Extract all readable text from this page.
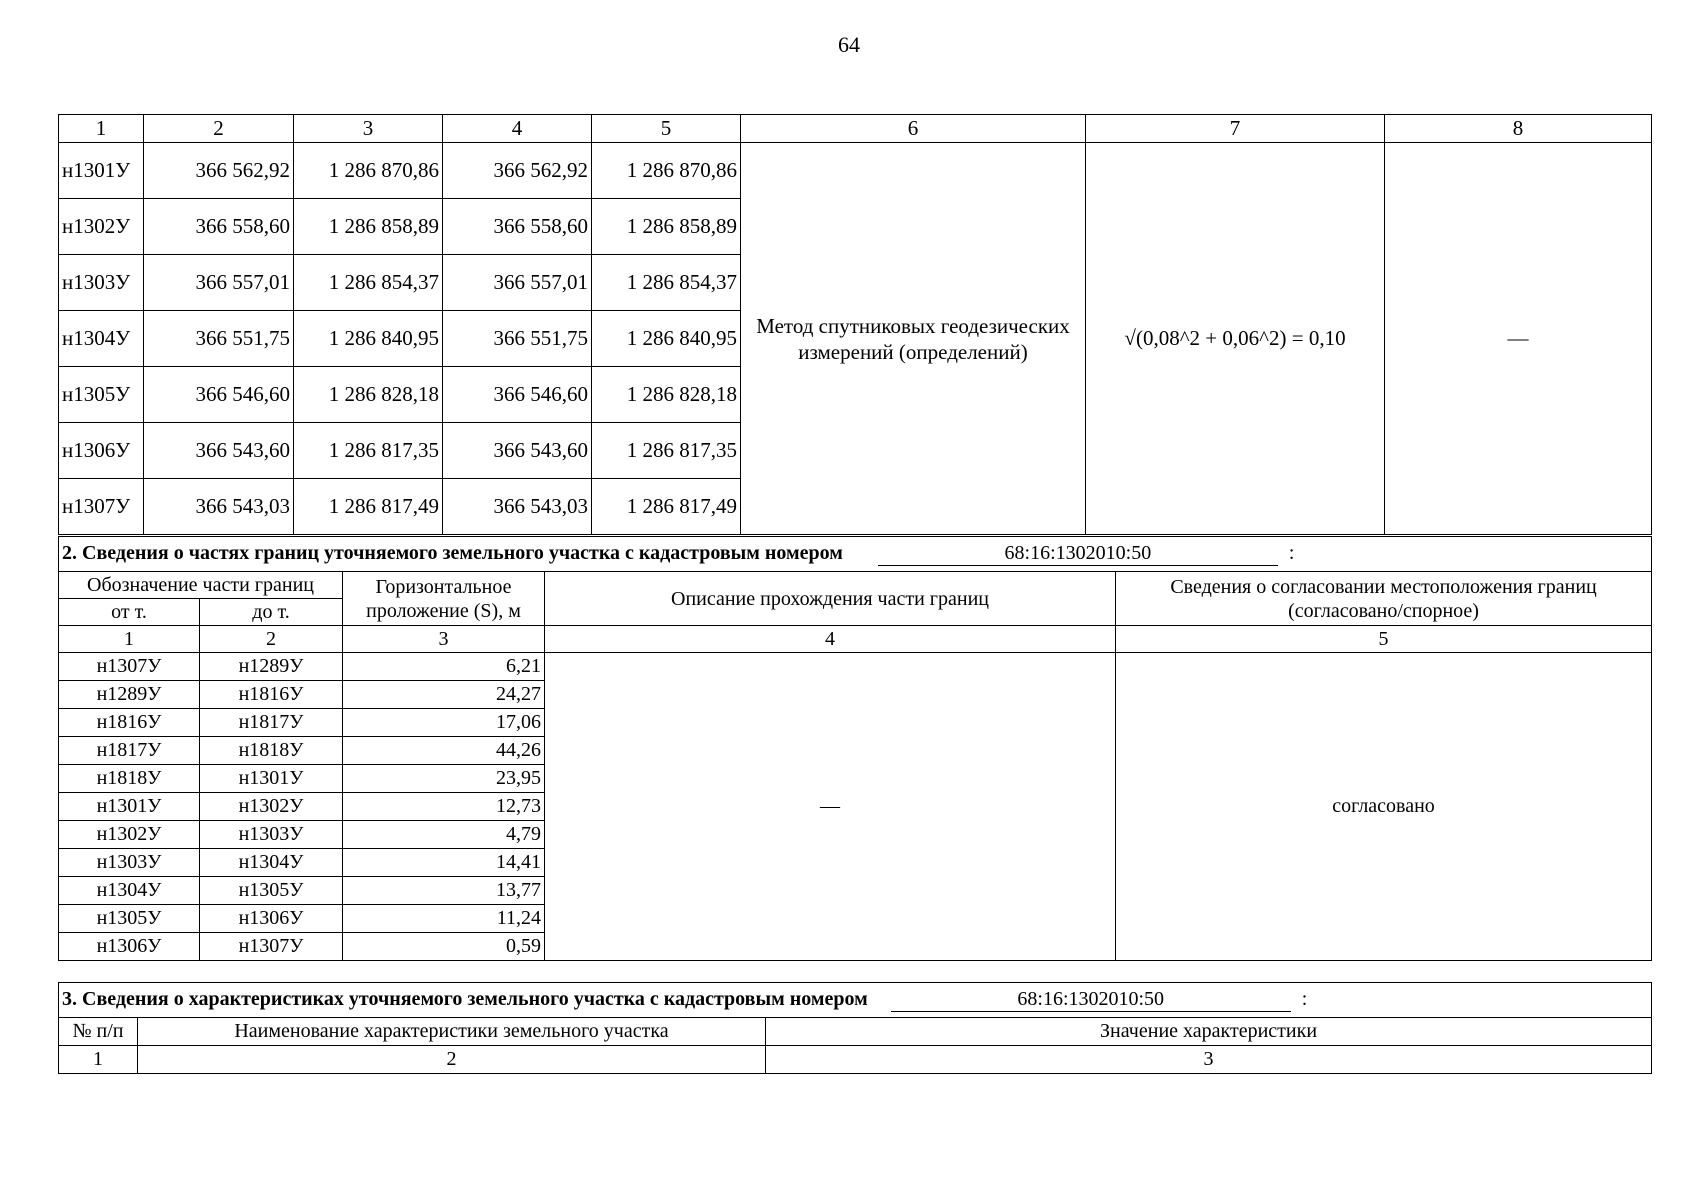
64
1	2	3	4	5	6	7	8
н1301У	366 562,92	1 286 870,86	366 562,92	1 286 870,86	Метод спутниковых геодезических измерений (определений)	√(0,08^2 + 0,06^2) = 0,10	—
н1302У	366 558,60	1 286 858,89	366 558,60	1 286 858,89			
н1303У	366 557,01	1 286 854,37	366 557,01	1 286 854,37			
н1304У	366 551,75	1 286 840,95	366 551,75	1 286 840,95			
н1305У	366 546,60	1 286 828,18	366 546,60	1 286 828,18			
н1306У	366 543,60	1 286 817,35	366 543,60	1 286 817,35			
н1307У	366 543,03	1 286 817,49	366 543,03	1 286 817,49			
2. Сведения о частях границ уточняемого земельного участка с кадастровым номером 68:16:1302010:50 :				
Обозначение части границ		Горизонтальное проложение (S), м	Описание прохождения части границ	Сведения о согласовании местоположения границ (согласовано/спорное)
от т.	до т.			
1	2	3	4	5
н1307У	н1289У	6,21	—	согласовано
н1289У	н1816У	24,27		
н1816У	н1817У	17,06		
н1817У	н1818У	44,26		
н1818У	н1301У	23,95		
н1301У	н1302У	12,73		
н1302У	н1303У	4,79		
н1303У	н1304У	14,41		
н1304У	н1305У	13,77		
н1305У	н1306У	11,24		
н1306У	н1307У	0,59		
3. Сведения о характеристиках уточняемого земельного участка с кадастровым номером 68:16:1302010:50 :		
№ п/п	Наименование характеристики земельного участка	Значение характеристики
1	2	3
